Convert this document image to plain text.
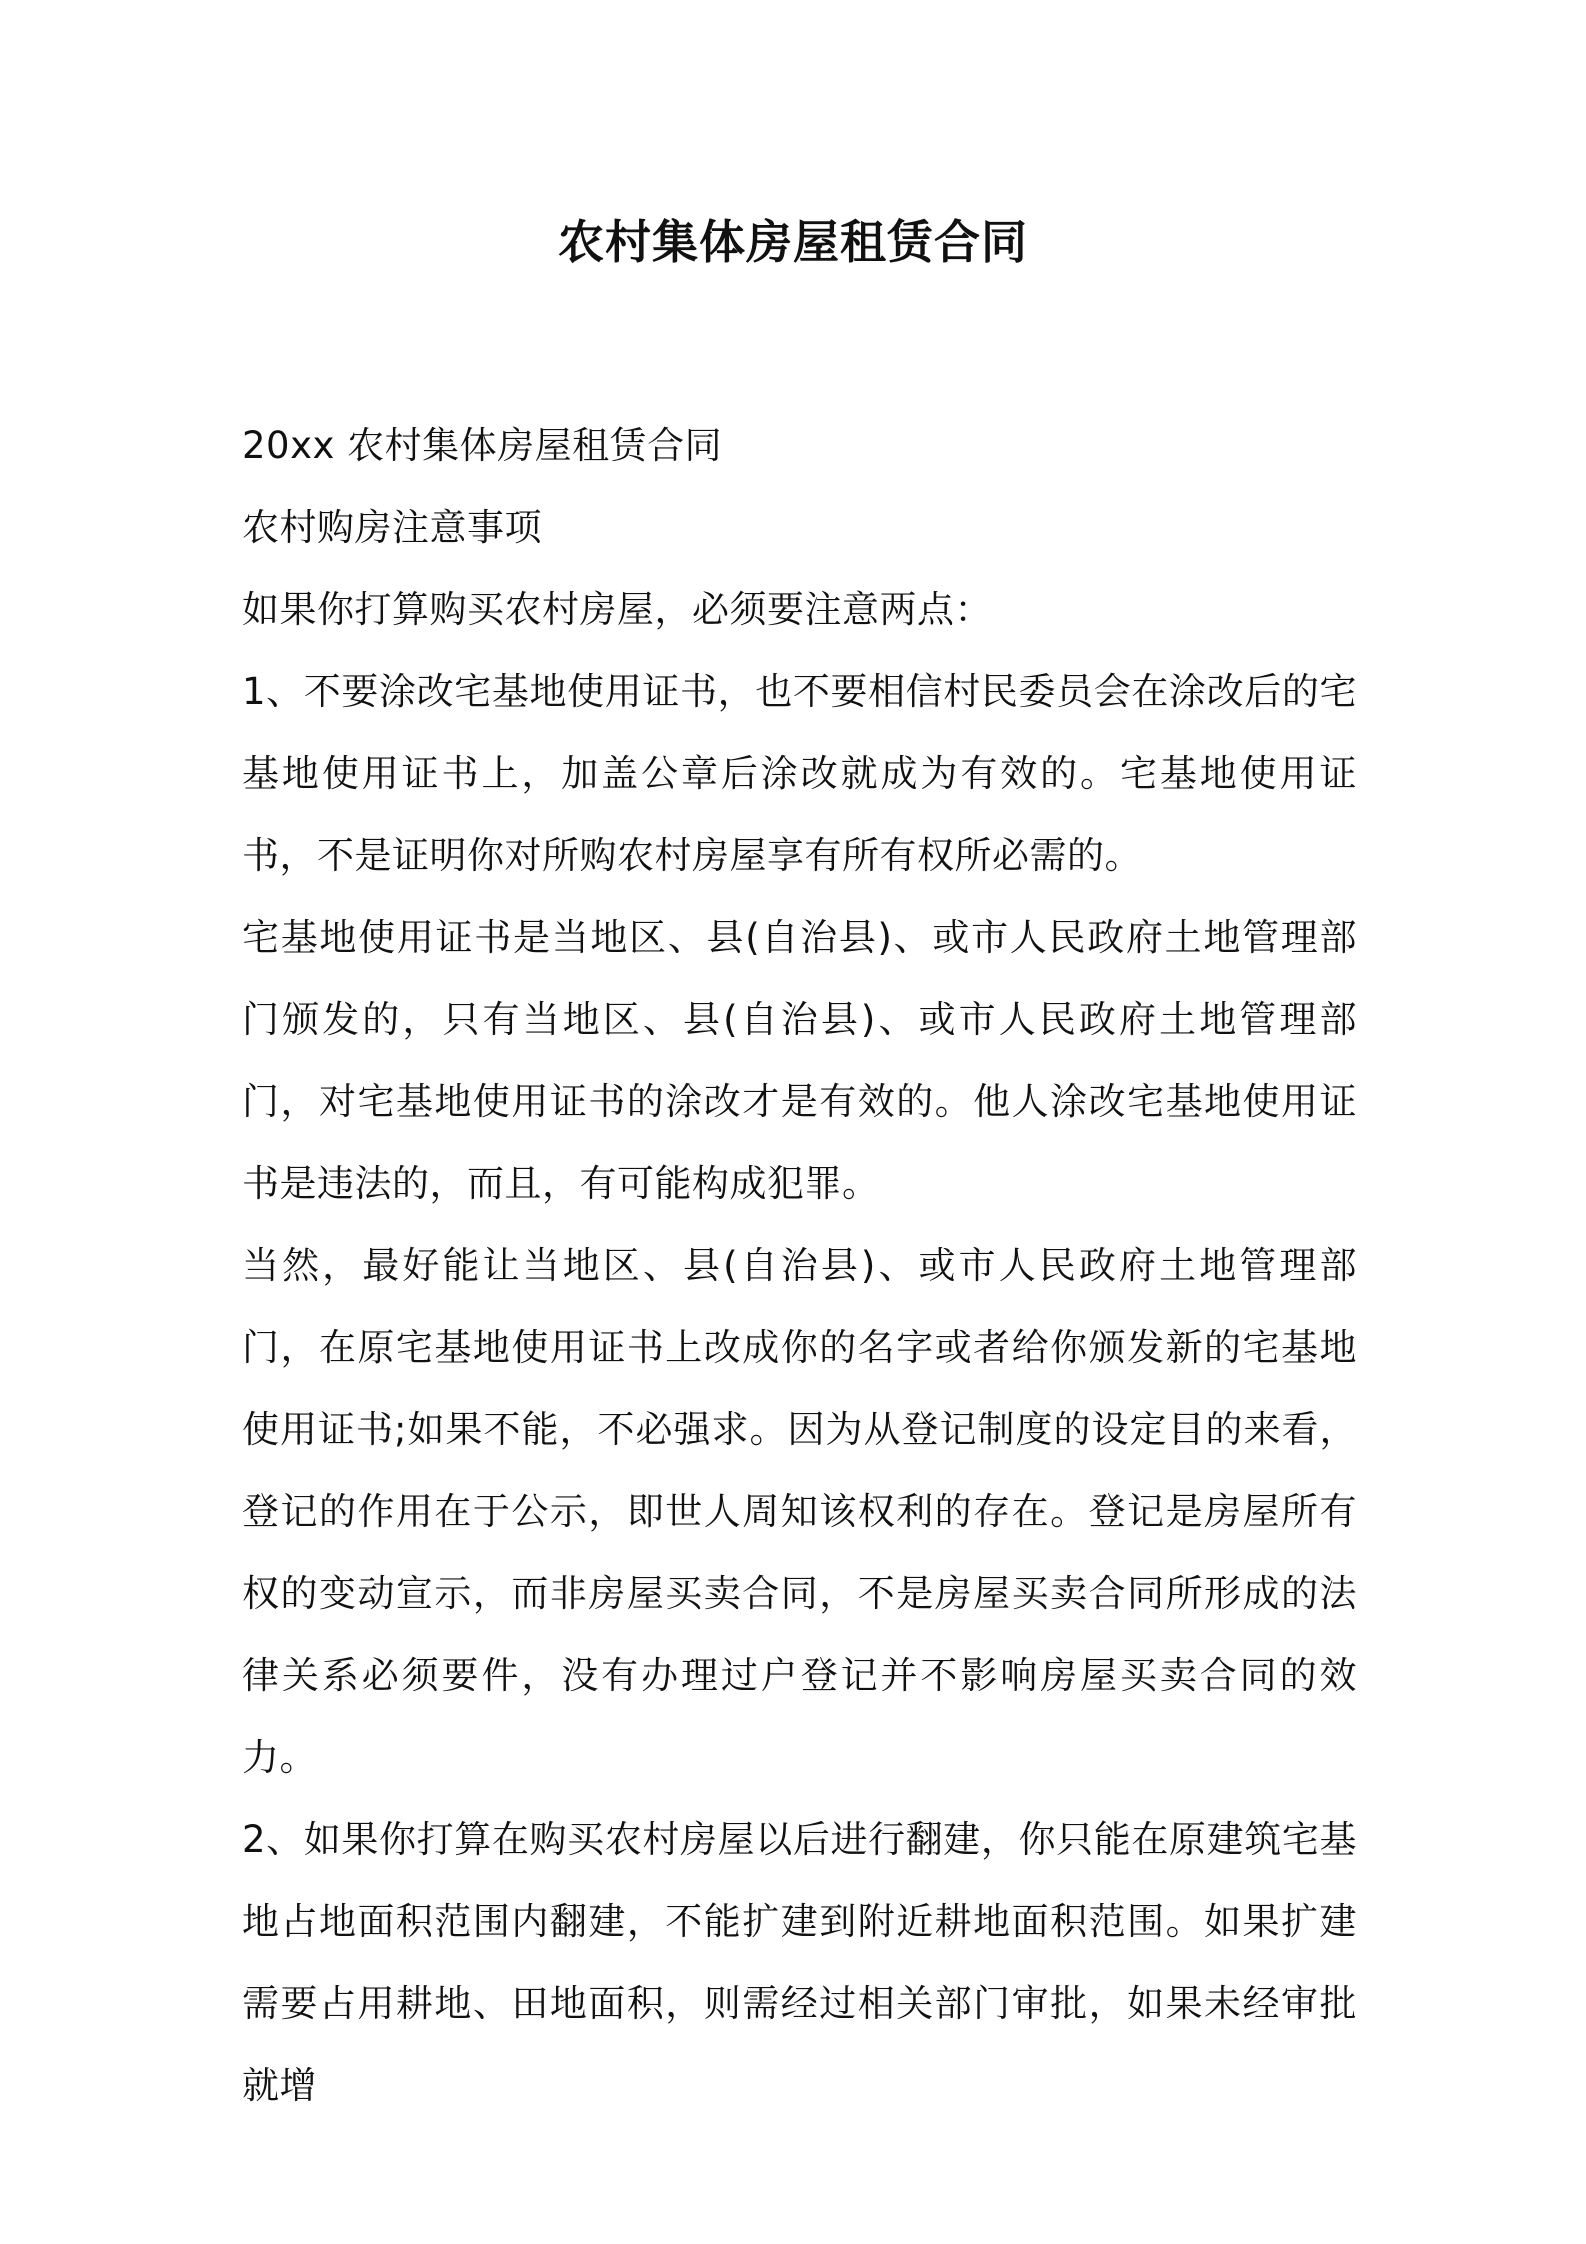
农村集体房屋租赁合同

20xx 农村集体房屋租赁合同

农村购房注意事项

如果你打算购买农村房屋，必须要注意两点：

1、不要涂改宅基地使用证书，也不要相信村民委员会在涂改后的宅基地使用证书上，加盖公章后涂改就成为有效的。宅基地使用证书，不是证明你对所购农村房屋享有所有权所必需的。

宅基地使用证书是当地区、县(自治县)、或市人民政府土地管理部门颁发的，只有当地区、县(自治县)、或市人民政府土地管理部门，对宅基地使用证书的涂改才是有效的。他人涂改宅基地使用证书是违法的，而且，有可能构成犯罪。

当然，最好能让当地区、县(自治县)、或市人民政府土地管理部门，在原宅基地使用证书上改成你的名字或者给你颁发新的宅基地使用证书;如果不能，不必强求。因为从登记制度的设定目的来看，登记的作用在于公示，即世人周知该权利的存在。登记是房屋所有权的变动宣示，而非房屋买卖合同，不是房屋买卖合同所形成的法律关系必须要件，没有办理过户登记并不影响房屋买卖合同的效力。

2、如果你打算在购买农村房屋以后进行翻建，你只能在原建筑宅基地占地面积范围内翻建，不能扩建到附近耕地面积范围。如果扩建需要占用耕地、田地面积，则需经过相关部门审批，如果未经审批就增
